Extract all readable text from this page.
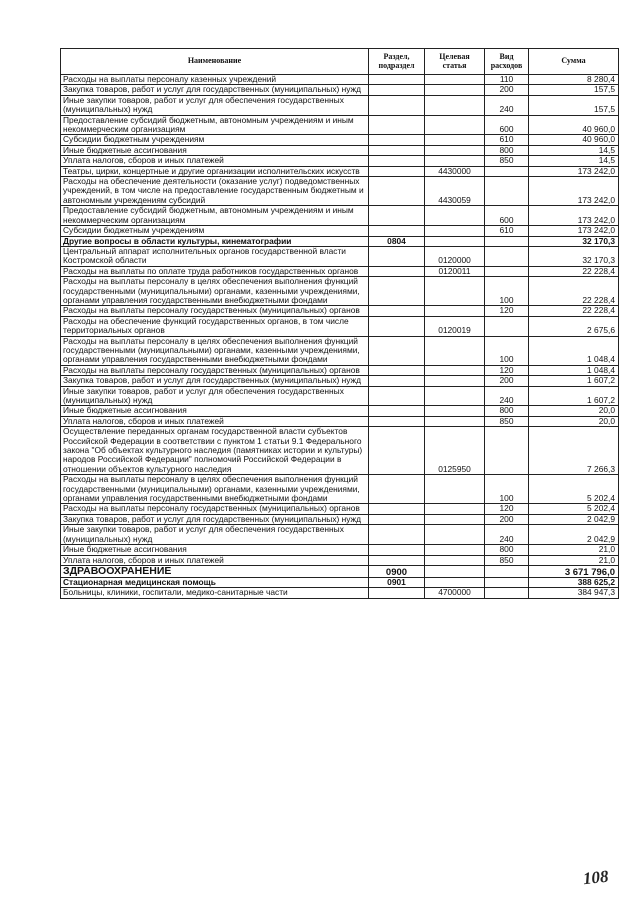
Наименование	Раздел, подраздел	Целевая статья	Вид расходов	Сумма
Расходы на выплаты персоналу казенных учреждений			110	8 280,4
Закупка товаров, работ и услуг для государственных (муниципальных) нужд			200	157,5
Иные закупки товаров, работ и услуг для обеспечения государственных (муниципальных) нужд			240	157,5
Предоставление субсидий бюджетным, автономным учреждениям и иным некоммерческим организациям			600	40 960,0
Субсидии бюджетным учреждениям			610	40 960,0
Иные бюджетные ассигнования			800	14,5
Уплата налогов, сборов и иных платежей			850	14,5
Театры, цирки, концертные и другие организации исполнительских искусств		4430000		173 242,0
Расходы на обеспечение деятельности (оказание услуг) подведомственных учреждений, в том числе на предоставление государственным бюджетным и автономным учреждениям субсидий		4430059		173 242,0
Предоставление субсидий бюджетным, автономным учреждениям и иным некоммерческим организациям			600	173 242,0
Субсидии бюджетным учреждениям			610	173 242,0
Другие вопросы в области культуры, кинематографии	0804			32 170,3
Центральный аппарат исполнительных органов государственной власти Костромской области		0120000		32 170,3
Расходы на выплаты по оплате труда работников государственных органов		0120011		22 228,4
Расходы на выплаты персоналу в целях обеспечения выполнения функций государственными (муниципальными) органами, казенными учреждениями, органами управления государственными внебюджетными фондами			100	22 228,4
Расходы на выплаты персоналу государственных (муниципальных) органов			120	22 228,4
Расходы на обеспечение функций государственных органов, в том числе территориальных органов		0120019		2 675,6
Расходы на выплаты персоналу в целях обеспечения выполнения функций государственными (муниципальными) органами, казенными учреждениями, органами управления государственными внебюджетными фондами			100	1 048,4
Расходы на выплаты персоналу государственных (муниципальных) органов			120	1 048,4
Закупка товаров, работ и услуг для государственных (муниципальных) нужд			200	1 607,2
Иные закупки товаров, работ и услуг для обеспечения государственных (муниципальных) нужд			240	1 607,2
Иные бюджетные ассигнования			800	20,0
Уплата налогов, сборов и иных платежей			850	20,0
Осуществление переданных органам государственной власти субъектов Российской Федерации в соответствии с пунктом 1 статьи 9.1 Федерального закона "Об объектах культурного наследия (памятниках истории и культуры) народов Российской Федерации" полномочий Российской Федерации в отношении объектов культурного наследия		0125950		7 266,3
Расходы на выплаты персоналу в целях обеспечения выполнения функций государственными (муниципальными) органами, казенными учреждениями, органами управления государственными внебюджетными фондами			100	5 202,4
Расходы на выплаты персоналу государственных (муниципальных) органов			120	5 202,4
Закупка товаров, работ и услуг для государственных (муниципальных) нужд			200	2 042,9
Иные закупки товаров, работ и услуг для обеспечения государственных (муниципальных) нужд			240	2 042,9
Иные бюджетные ассигнования			800	21,0
Уплата налогов, сборов и иных платежей			850	21,0
ЗДРАВООХРАНЕНИЕ	0900			3 671 796,0
Стационарная медицинская помощь	0901			388 625,2
Больницы, клиники, госпитали, медико-санитарные части		4700000		384 947,3
108
